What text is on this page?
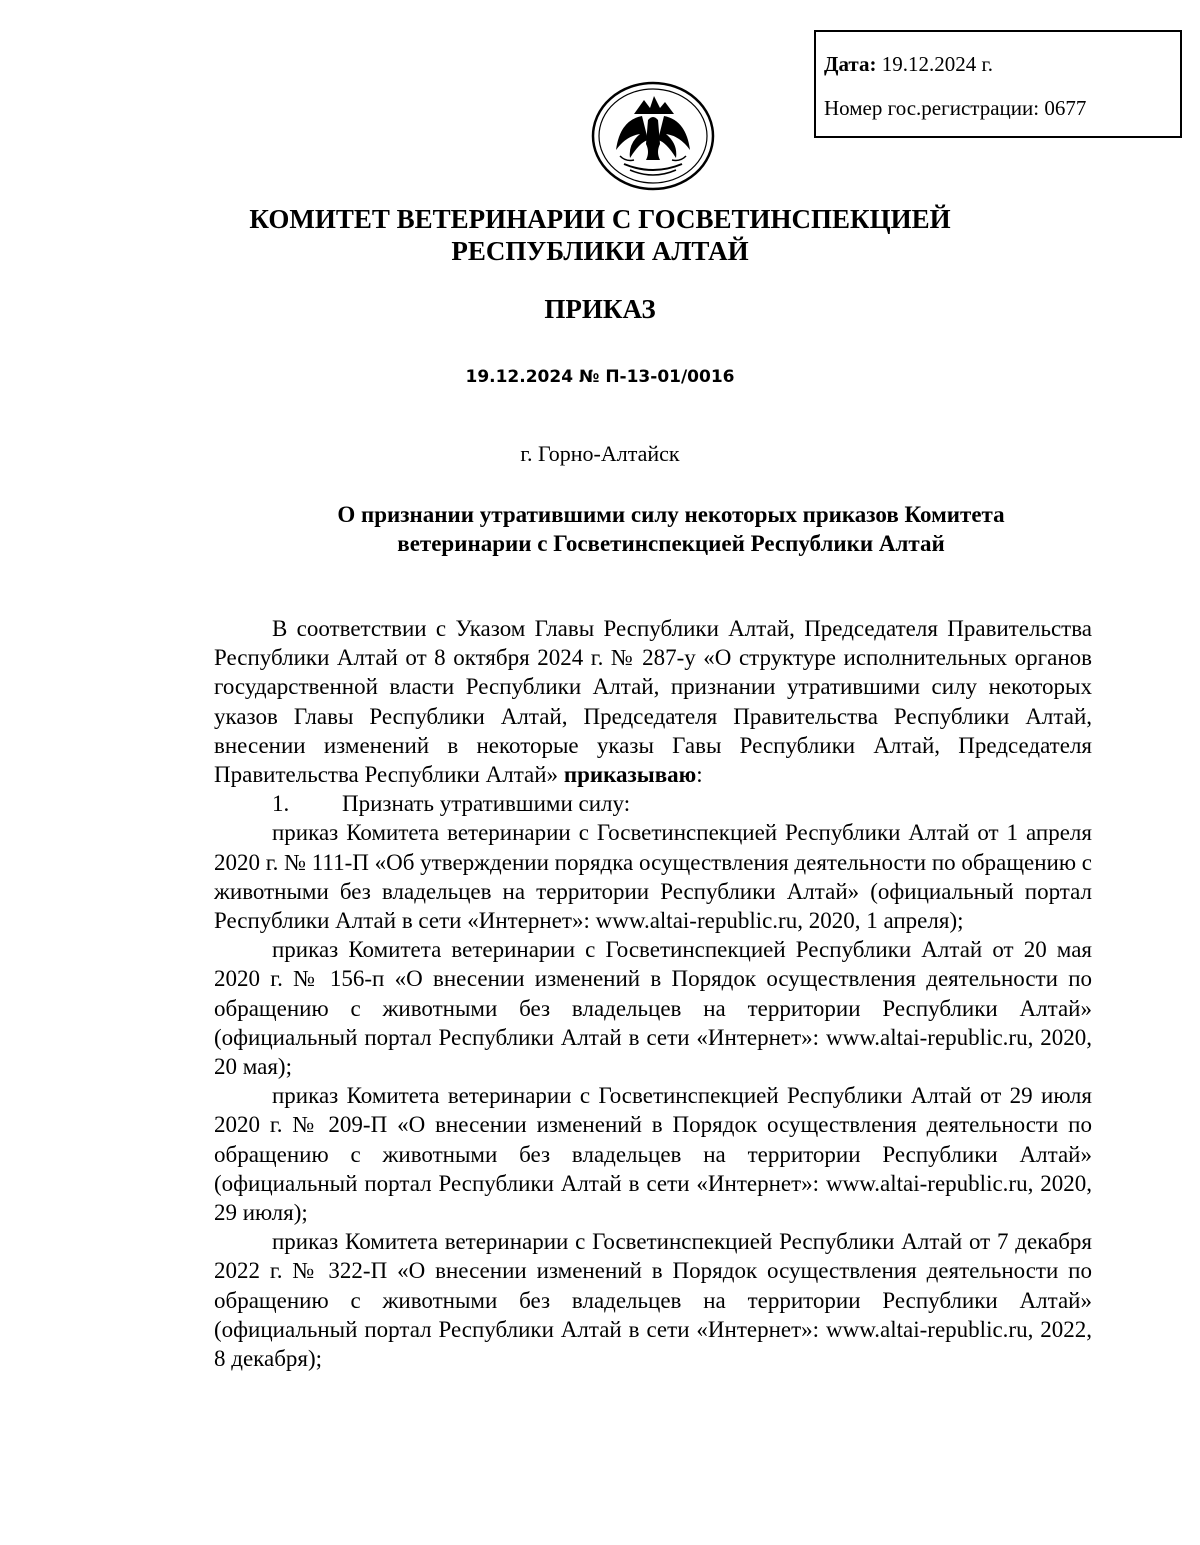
Дата: 19.12.2024 г.
Номер гос.регистрации: 0677
КОМИТЕТ ВЕТЕРИНАРИИ С ГОСВЕТИНСПЕКЦИЕЙ
РЕСПУБЛИКИ АЛТАЙ
ПРИКАЗ
19.12.2024 № П-13-01/0016
г. Горно-Алтайск
О признании утратившими силу некоторых приказов Комитета
ветеринарии с Госветинспекцией Республики Алтай

В соответствии с Указом Главы Республики Алтай, Председателя Правительства Республики Алтай от 8 октября 2024 г. № 287-у «О структуре исполнительных органов государственной власти Республики Алтай, признании утратившими силу некоторых указов Главы Республики Алтай, Председателя Правительства Республики Алтай, внесении изменений в некоторые указы Гавы Республики Алтай, Председателя Правительства Республики Алтай» приказываю:

1. Признать утратившими силу:

приказ Комитета ветеринарии с Госветинспекцией Республики Алтай от 1 апреля 2020 г. № 111-П «Об утверждении порядка осуществления деятельности по обращению с животными без владельцев на территории Республики Алтай» (официальный портал Республики Алтай в сети «Интернет»: www.altai-republic.ru, 2020, 1 апреля);

приказ Комитета ветеринарии с Госветинспекцией Республики Алтай от 20 мая 2020 г. № 156-п «О внесении изменений в Порядок осуществления деятельности по обращению с животными без владельцев на территории Республики Алтай» (официальный портал Республики Алтай в сети «Интернет»: www.altai-republic.ru, 2020, 20 мая);

приказ Комитета ветеринарии с Госветинспекцией Республики Алтай от 29 июля 2020 г. № 209-П «О внесении изменений в Порядок осуществления деятельности по обращению с животными без владельцев на территории Республики Алтай» (официальный портал Республики Алтай в сети «Интернет»: www.altai-republic.ru, 2020, 29 июля);

приказ Комитета ветеринарии с Госветинспекцией Республики Алтай от 7 декабря 2022 г. № 322-П «О внесении изменений в Порядок осуществления деятельности по обращению с животными без владельцев на территории Республики Алтай» (официальный портал Республики Алтай в сети «Интернет»: www.altai-republic.ru, 2022, 8 декабря);
